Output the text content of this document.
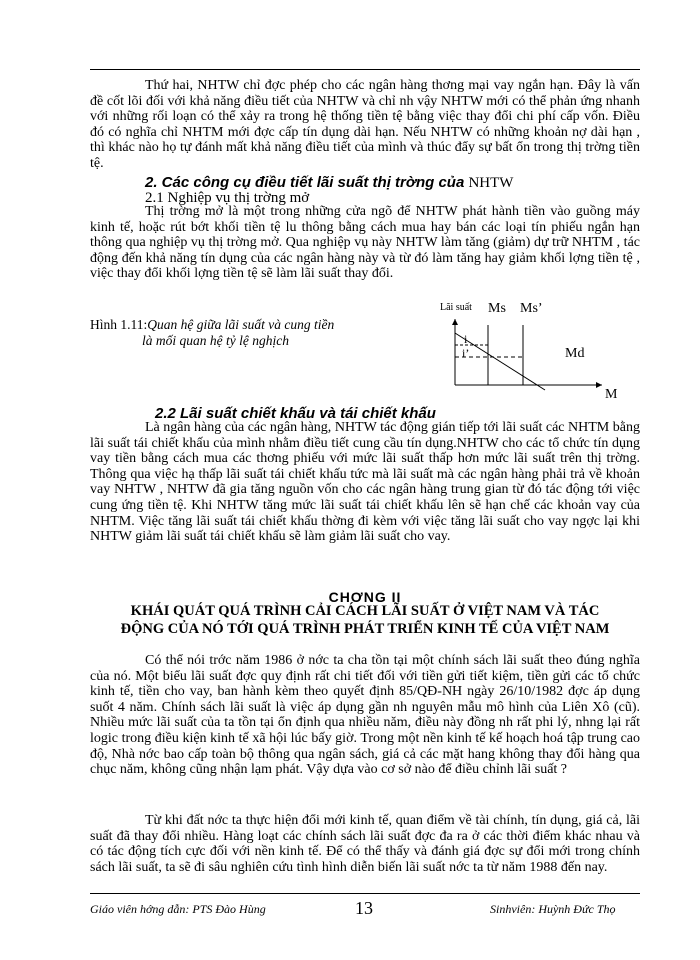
Thứ hai, NHTW chỉ đợc phép cho các ngân hàng thơng mại vay ngắn hạn. Đây là vấn đề cốt lõi đối với khả năng điều tiết của NHTW và chỉ nh vậy NHTW mới có thể phản ứng nhanh với những rối loạn có thể xảy ra trong hệ thống tiền tệ bằng việc thay đổi chi phí cấp vốn. Điều đó có nghĩa chỉ NHTM mới đợc cấp tín dụng dài hạn. Nếu NHTW có những khoản nợ dài hạn , thì khác nào họ tự đánh mất khả năng điều tiết của mình và thúc đẩy sự bất ổn trong thị trờng tiền tệ.

2. Các công cụ điều tiết lãi suất thị trờng của NHTW

2.1 Nghiệp vụ thị trờng mở

Thị trờng mở là một trong những cửa ngõ để NHTW phát hành tiền vào guồng máy kinh tế, hoặc rút bớt khối tiền tệ lu thông bằng cách mua hay bán các loại tín phiếu ngắn hạn thông qua nghiệp vụ thị trờng mở. Qua nghiệp vụ này NHTW làm tăng (giảm) dự trữ NHTM , tác động đến khả năng tín dụng của các ngân hàng này và từ đó làm tăng hay giảm khối lợng tiền tệ , việc thay đổi khối lợng tiền tệ sẽ làm lãi suất thay đổi.

Hình 1.11:Quan hệ giữa lãi suất và cung tiền
là mối quan hệ tỷ lệ nghịch
Lãi suất Ms Ms’
Md
M
i
i’

2.2 Lãi suất chiết khấu và tái chiết khấu

Là ngân hàng của các ngân hàng, NHTW tác động gián tiếp tới lãi suất các NHTM bằng lãi suất tái chiết khấu của mình nhằm điều tiết cung cầu tín dụng.NHTW cho các tổ chức tín dụng vay tiền bằng cách mua các thơng phiếu với mức lãi suất thấp hơn mức lãi suất trên thị trờng. Thông qua việc hạ thấp lãi suất tái chiết khấu tức mà lãi suất mà các ngân hàng phải trả về khoản vay NHTW , NHTW đã gia tăng nguồn vốn cho các ngân hàng trung gian từ đó tác động tới việc cung ứng tiền tệ. Khi NHTW tăng mức lãi suất tái chiết khấu lên sẽ hạn chế các khoản vay của NHTM. Việc tăng lãi suất tái chiết khấu thờng đi kèm với việc tăng lãi suất cho vay ngợc lại khi NHTW giảm lãi suất tái chiết khấu sẽ làm giảm lãi suất cho vay.

CHƠNG II

KHÁI QUÁT QUÁ TRÌNH CẢI CÁCH LÃI SUẤT Ở VIỆT NAM VÀ TÁC

ĐỘNG CỦA NÓ TỚI QUÁ TRÌNH PHÁT TRIỂN KINH TẾ CỦA VIỆT NAM

Có thể nói trớc năm 1986 ở nớc ta cha tồn tại một chính sách lãi suất theo đúng nghĩa của nó. Một biểu lãi suất đợc quy định rất chi tiết đối với tiền gửi tiết kiệm, tiền gửi các tổ chức kinh tế, tiền cho vay, ban hành kèm theo quyết định 85/QĐ-NH ngày 26/10/1982 đợc áp dụng suốt 4 năm. Chính sách lãi suất là việc áp dụng gần nh nguyên mẫu mô hình của Liên Xô (cũ). Nhiều mức lãi suất của ta tồn tại ổn định qua nhiều năm, điều này đồng nh rất phi lý, nhng lại rất logic trong điều kiện kinh tế xã hội lúc bấy giờ. Trong một nền kinh tế kế hoạch hoá tập trung cao độ, Nhà nớc bao cấp toàn bộ thông qua ngân sách, giá cả các mặt hang không thay đổi hàng qua chục năm, không cũng nhận lạm phát. Vậy dựa vào cơ sở nào để điều chỉnh lãi suất ?

Từ khi đất nớc ta thực hiện đổi mới kinh tế, quan điểm về tài chính, tín dụng, giá cả, lãi suất đã thay đổi nhiều. Hàng loạt các chính sách lãi suất đợc đa ra ở các thời điểm khác nhau và có tác động tích cực đối với nền kinh tế. Để có thể thấy và đánh giá đợc sự đổi mới trong chính sách lãi suất, ta sẽ đi sâu nghiên cứu tình hình diễn biến lãi suất nớc ta từ năm 1988 đến nay.

Giáo viên hớng dẫn: PTS Đào Hùng	13	Sinhviên: Huỳnh Đức Thọ
